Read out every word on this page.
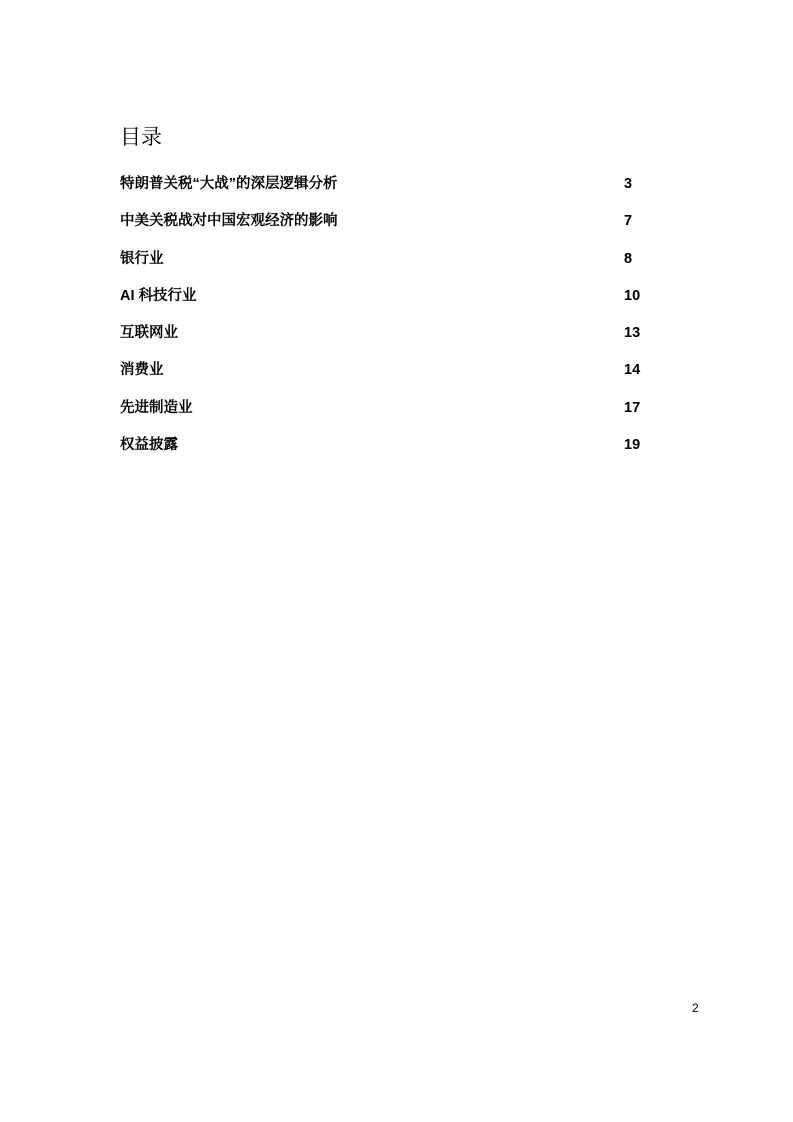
目录
特朗普关税“大战”的深层逻辑分析	3
中美关税战对中国宏观经济的影响	7
银行业	8
AI 科技行业	10
互联网业	13
消费业	14
先进制造业	17
权益披露	19
2
